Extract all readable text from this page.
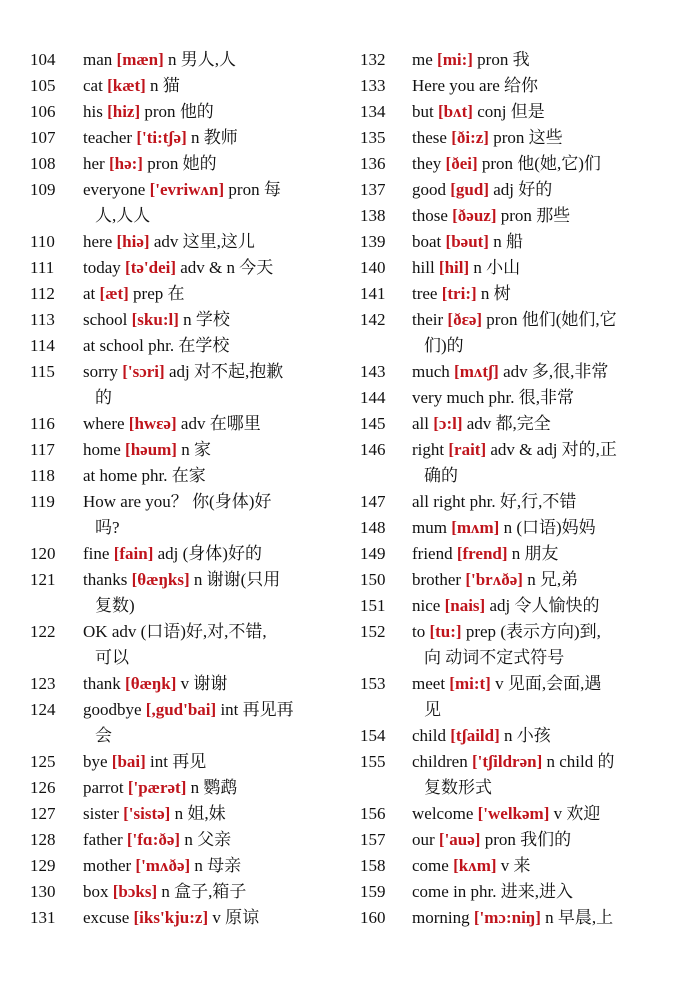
104	man [mæn] n 男人,人
105	cat [kæt] n 猫
106	his [hiz] pron 他的
107	teacher ['ti:tʃə] n 教师
108	her [hə:] pron 她的
109	everyone ['evriwʌn] pron 每
人,人人
110	here [hiə] adv 这里,这儿
111	today [tə'dei] adv & n 今天
112	at [æt] prep 在
113	school [sku:l] n 学校
114	at school phr. 在学校
115	sorry ['sɔri] adj 对不起,抱歉
的
116	where [hwɛə] adv 在哪里
117	home [həum] n 家
118	at home phr. 在家
119	How are you？ 你(身体)好
吗?
120	fine [fain] adj (身体)好的
121	thanks [θæŋks] n 谢谢(只用
复数)
122	OK adv (口语)好,对,不错,
可以
123	thank [θæŋk] v 谢谢
124	goodbye [,gud'bai] int 再见再
会
125	bye [bai] int 再见
126	parrot ['pærət] n 鹦鹉
127	sister ['sistə] n 姐,妹
128	father ['fɑ:ðə] n 父亲
129	mother ['mʌðə] n 母亲
130	box [bɔks] n 盒子,箱子
131	excuse [iks'kju:z] v 原谅
132	me [mi:] pron 我
133	Here you are 给你
134	but [bʌt] conj 但是
135	these [ði:z] pron 这些
136	they [ðei] pron 他(她,它)们
137	good [gud] adj 好的
138	those [ðəuz] pron 那些
139	boat [bəut] n 船
140	hill [hil] n 小山
141	tree [tri:] n 树
142	their [ðɛə] pron 他们(她们,它
们)的
143	much [mʌtʃ] adv 多,很,非常
144	very much phr. 很,非常
145	all [ɔ:l] adv 都,完全
146	right [rait] adv & adj 对的,正
确的
147	all right phr. 好,行,不错
148	mum [mʌm] n (口语)妈妈
149	friend [frend] n 朋友
150	brother ['brʌðə] n 兄,弟
151	nice [nais] adj 令人愉快的
152	to [tu:] prep (表示方向)到,
向 动词不定式符号
153	meet [mi:t] v 见面,会面,遇
见
154	child [tʃaild] n 小孩
155	children ['tʃildrən] n child 的
复数形式
156	welcome ['welkəm] v 欢迎
157	our ['auə] pron 我们的
158	come [kʌm] v 来
159	come in phr. 进来,进入
160	morning ['mɔ:niŋ] n 早晨,上
